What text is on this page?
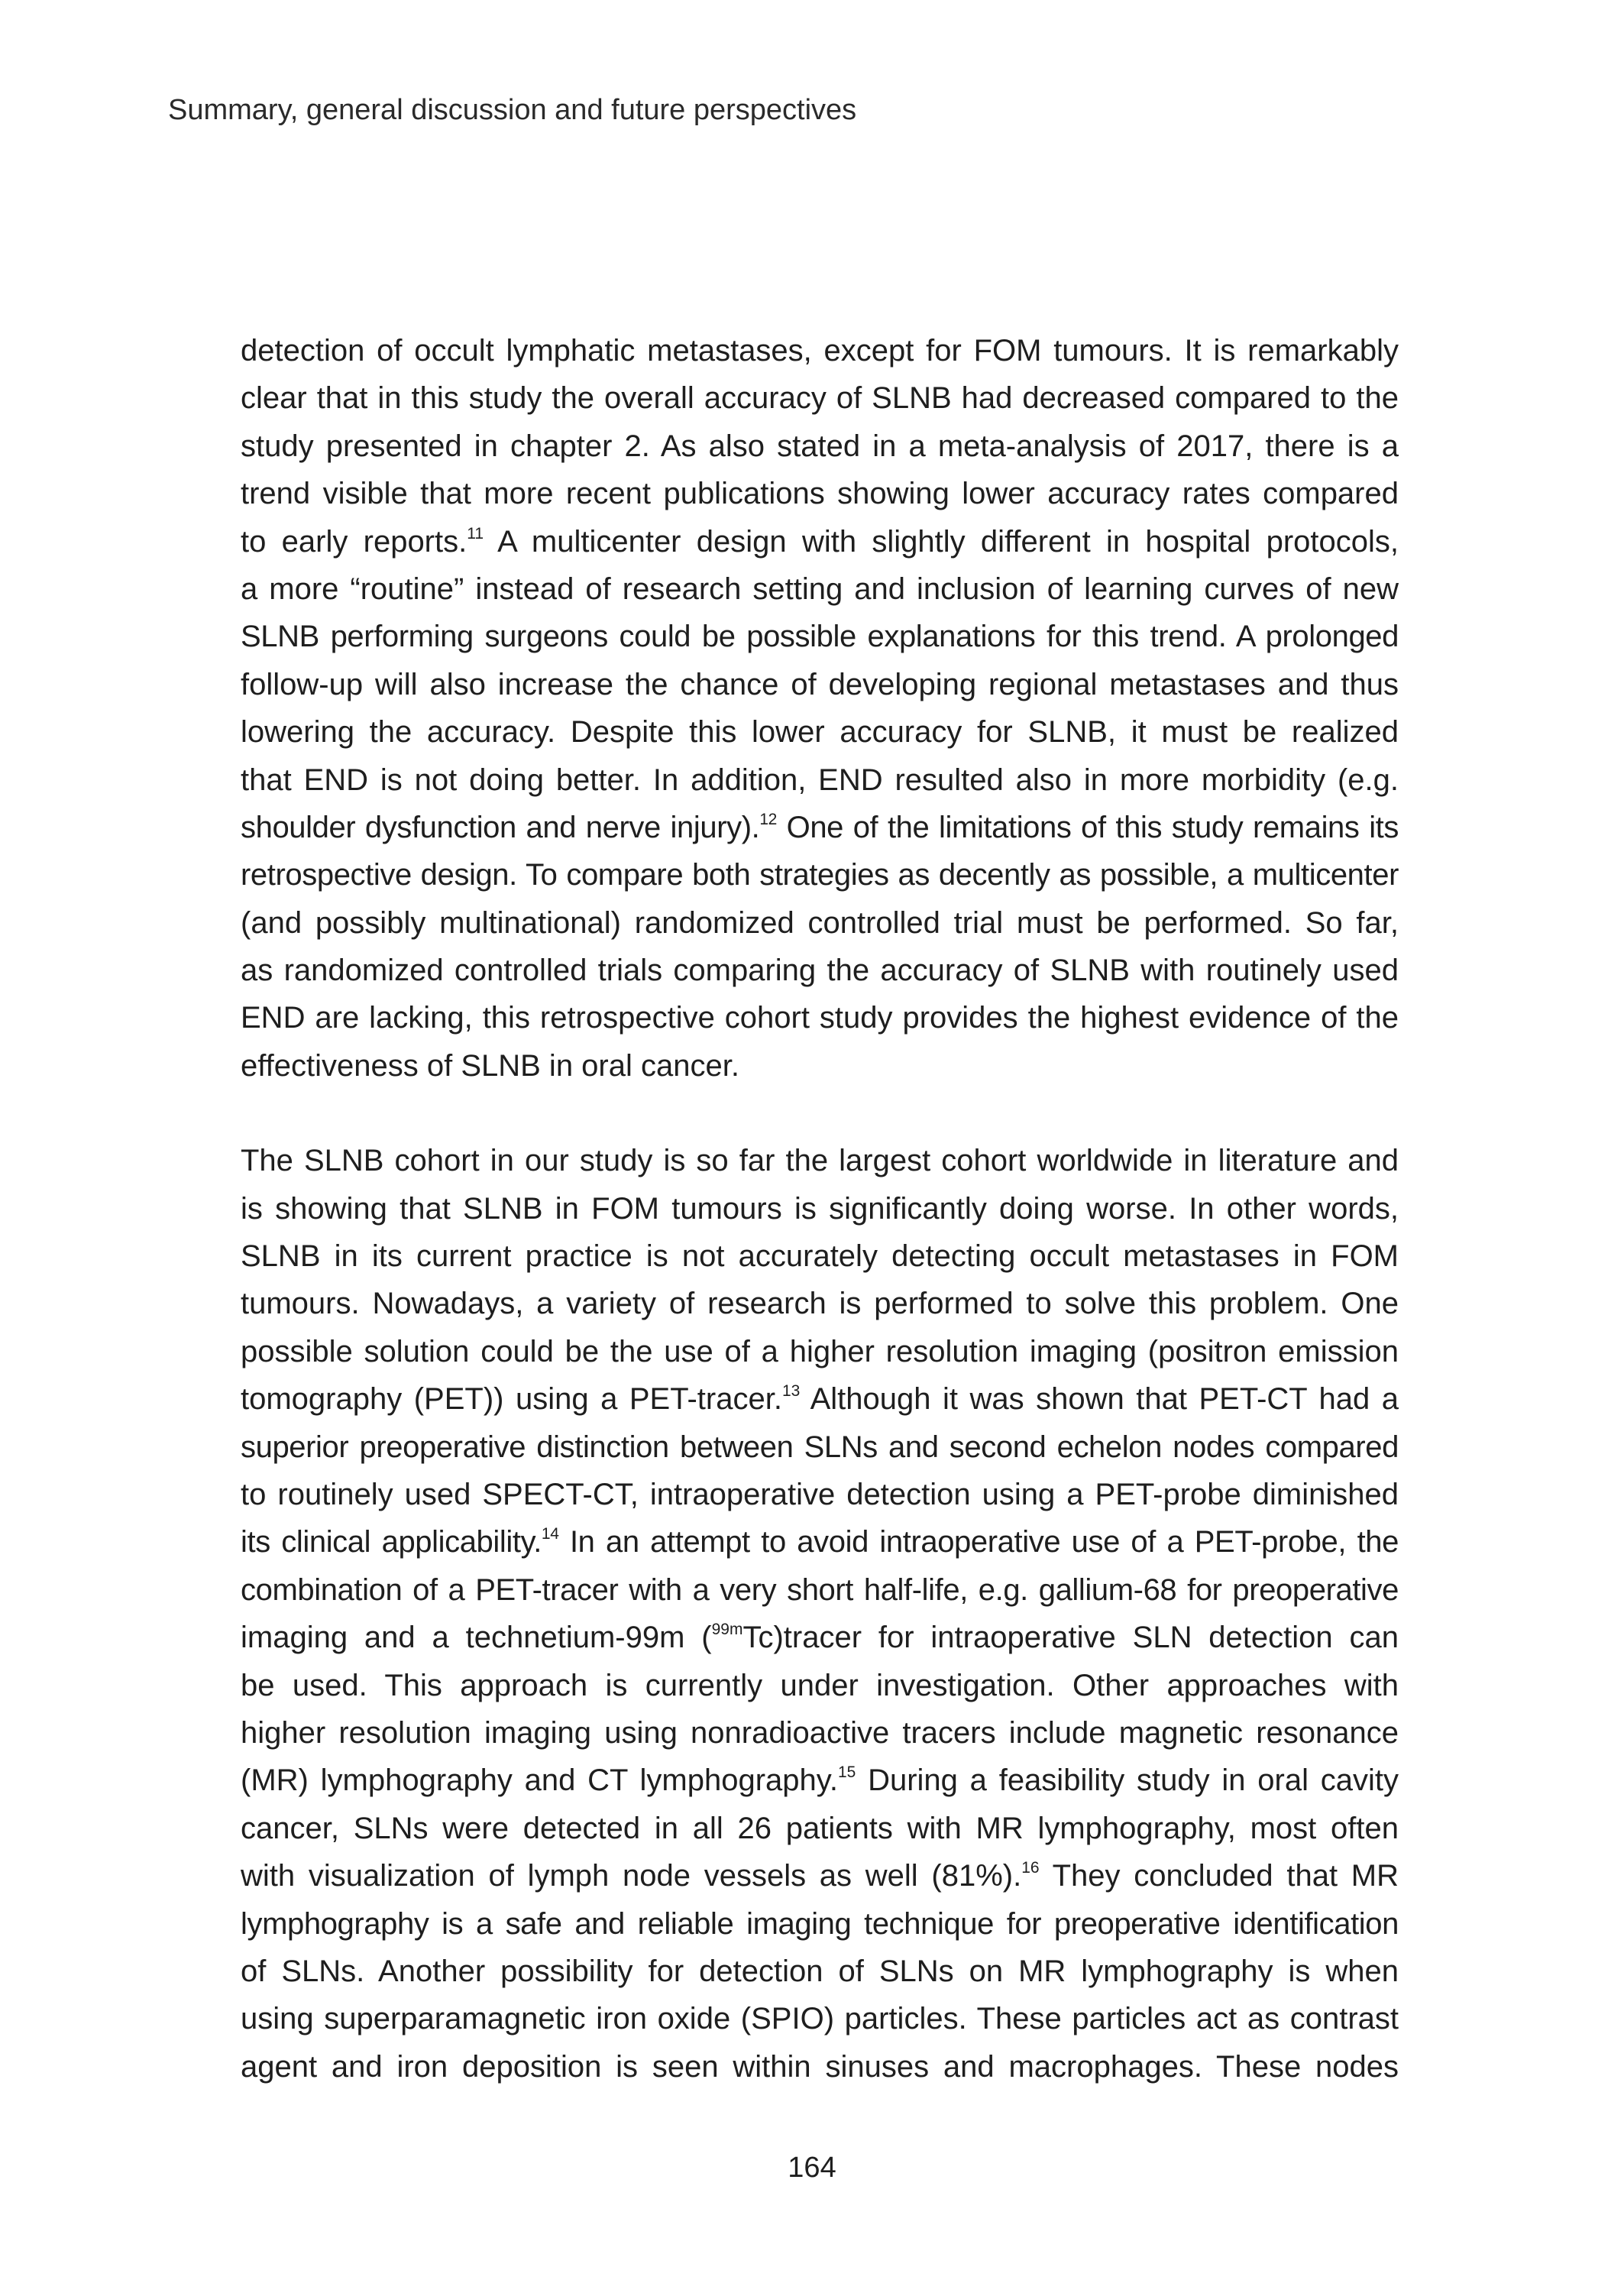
Summary, general discussion and future perspectives

detection of occult lymphatic metastases, except for FOM tumours. It is remarkably
clear that in this study the overall accuracy of SLNB had decreased compared to the
study presented in chapter 2. As also stated in a meta-analysis of 2017, there is a
trend visible that more recent publications showing lower accuracy rates compared
to early reports.$^{11}$ A multicenter design with slightly different in hospital protocols,
a more “routine” instead of research setting and inclusion of learning curves of new
SLNB performing surgeons could be possible explanations for this trend. A prolonged
follow-up will also increase the chance of developing regional metastases and thus
lowering the accuracy. Despite this lower accuracy for SLNB, it must be realized
that END is not doing better. In addition, END resulted also in more morbidity (e.g.
shoulder dysfunction and nerve injury).$^{12}$ One of the limitations of this study remains its
retrospective design. To compare both strategies as decently as possible, a multicenter
(and possibly multinational) randomized controlled trial must be performed. So far,
as randomized controlled trials comparing the accuracy of SLNB with routinely used
END are lacking, this retrospective cohort study provides the highest evidence of the
effectiveness of SLNB in oral cancer.

The SLNB cohort in our study is so far the largest cohort worldwide in literature and
is showing that SLNB in FOM tumours is significantly doing worse. In other words,
SLNB in its current practice is not accurately detecting occult metastases in FOM
tumours. Nowadays, a variety of research is performed to solve this problem. One
possible solution could be the use of a higher resolution imaging (positron emission
tomography (PET)) using a PET-tracer.$^{13}$ Although it was shown that PET-CT had a
superior preoperative distinction between SLNs and second echelon nodes compared
to routinely used SPECT-CT, intraoperative detection using a PET-probe diminished
its clinical applicability.$^{14}$ In an attempt to avoid intraoperative use of a PET-probe, the
combination of a PET-tracer with a very short half-life, e.g. gallium-68 for preoperative
imaging and a technetium-99m ($^{99m}$Tc)tracer for intraoperative SLN detection can
be used. This approach is currently under investigation. Other approaches with
higher resolution imaging using nonradioactive tracers include magnetic resonance
(MR) lymphography and CT lymphography.$^{15}$ During a feasibility study in oral cavity
cancer, SLNs were detected in all 26 patients with MR lymphography, most often
with visualization of lymph node vessels as well (81%).$^{16}$ They concluded that MR
lymphography is a safe and reliable imaging technique for preoperative identification
of SLNs. Another possibility for detection of SLNs on MR lymphography is when
using superparamagnetic iron oxide (SPIO) particles. These particles act as contrast
agent and iron deposition is seen within sinuses and macrophages. These nodes

164
